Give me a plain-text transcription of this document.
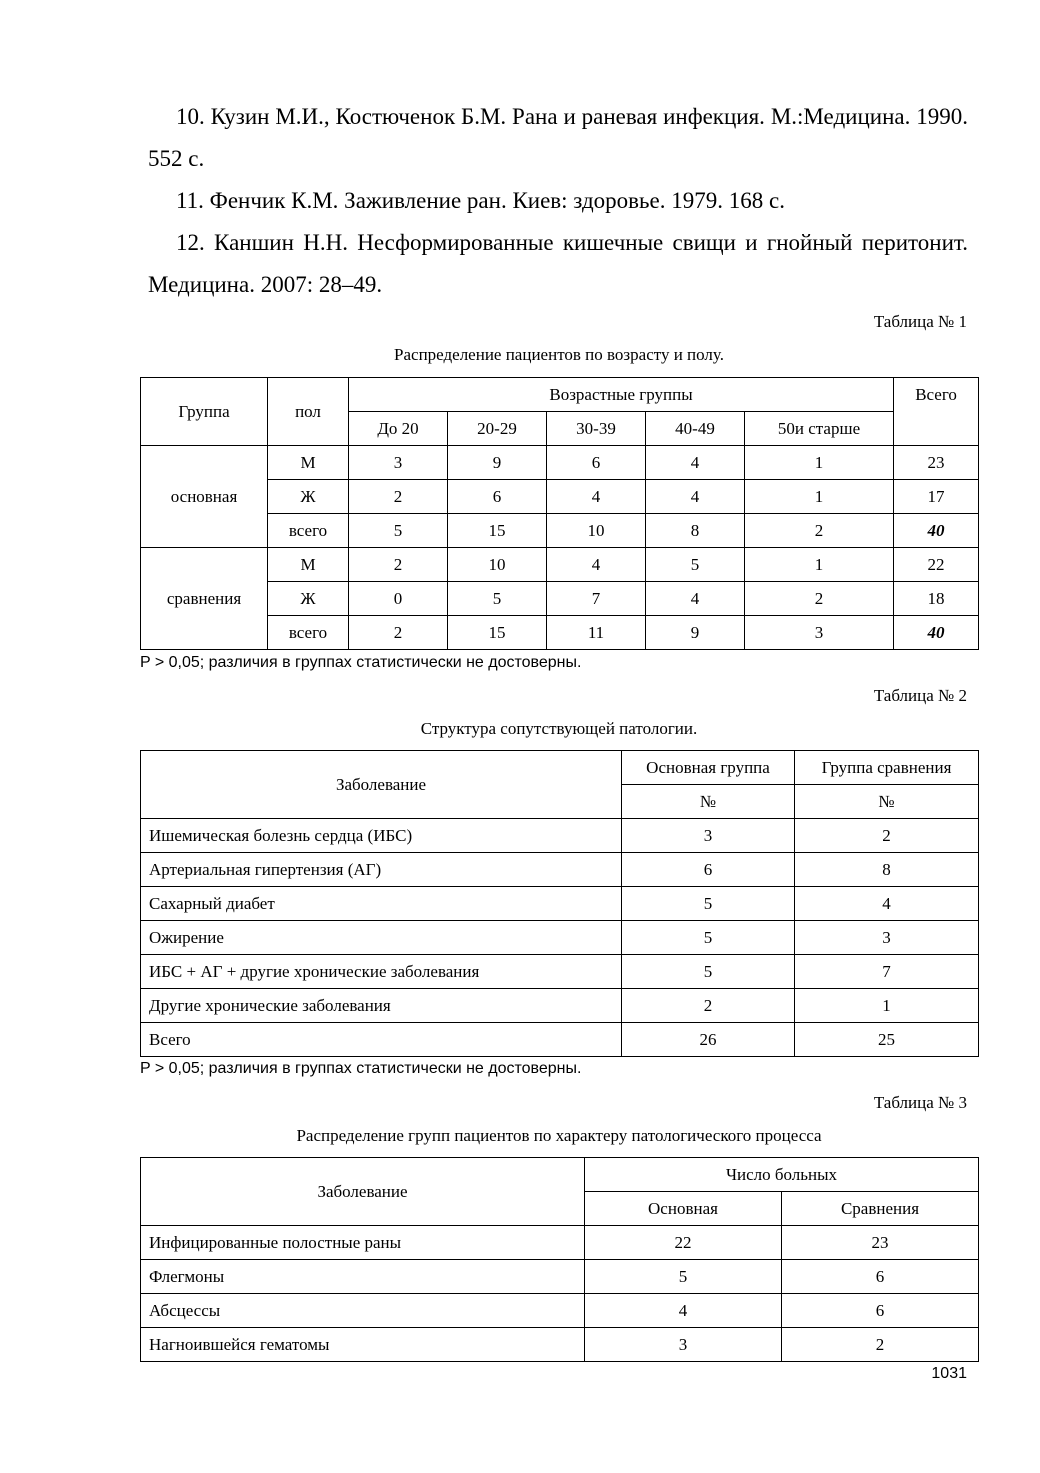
10. Кузин М.И., Костюченок Б.М. Рана и раневая инфекция. М.:Медицина. 1990. 552 с.

11. Фенчик К.М. Заживление ран. Киев: здоровье. 1979. 168 с.

12. Каншин Н.Н. Несформированные кишечные свищи и гнойный перитонит. Медицина. 2007: 28–49.

Таблица № 1
Распределение пациентов по возрасту и полу.
Группа	пол	Возрастные группы					Всего
		До 20	20-29	30-39	40-49	50и старше	
основная	М	3	9	6	4	1	23
	Ж	2	6	4	4	1	17
	всего	5	15	10	8	2	40
сравнения	М	2	10	4	5	1	22
	Ж	0	5	7	4	2	18
	всего	2	15	11	9	3	40
P > 0,05; различия в группах статистически не достоверны.
Таблица № 2
Структура сопутствующей патологии.
Заболевание	Основная группа	Группа сравнения
	№	№
Ишемическая болезнь сердца (ИБС)	3	2
Артериальная гипертензия (АГ)	6	8
Сахарный диабет	5	4
Ожирение	5	3
ИБС + АГ + другие хронические заболевания	5	7
Другие хронические заболевания	2	1
Всего	26	25
P > 0,05; различия в группах статистически не достоверны.
Таблица № 3
Распределение групп пациентов по характеру патологического процесса
Заболевание	Число больных	
	Основная	Сравнения
Инфицированные полостные раны	22	23
Флегмоны	5	6
Абсцессы	4	6
Нагноившейся гематомы	3	2
1031
